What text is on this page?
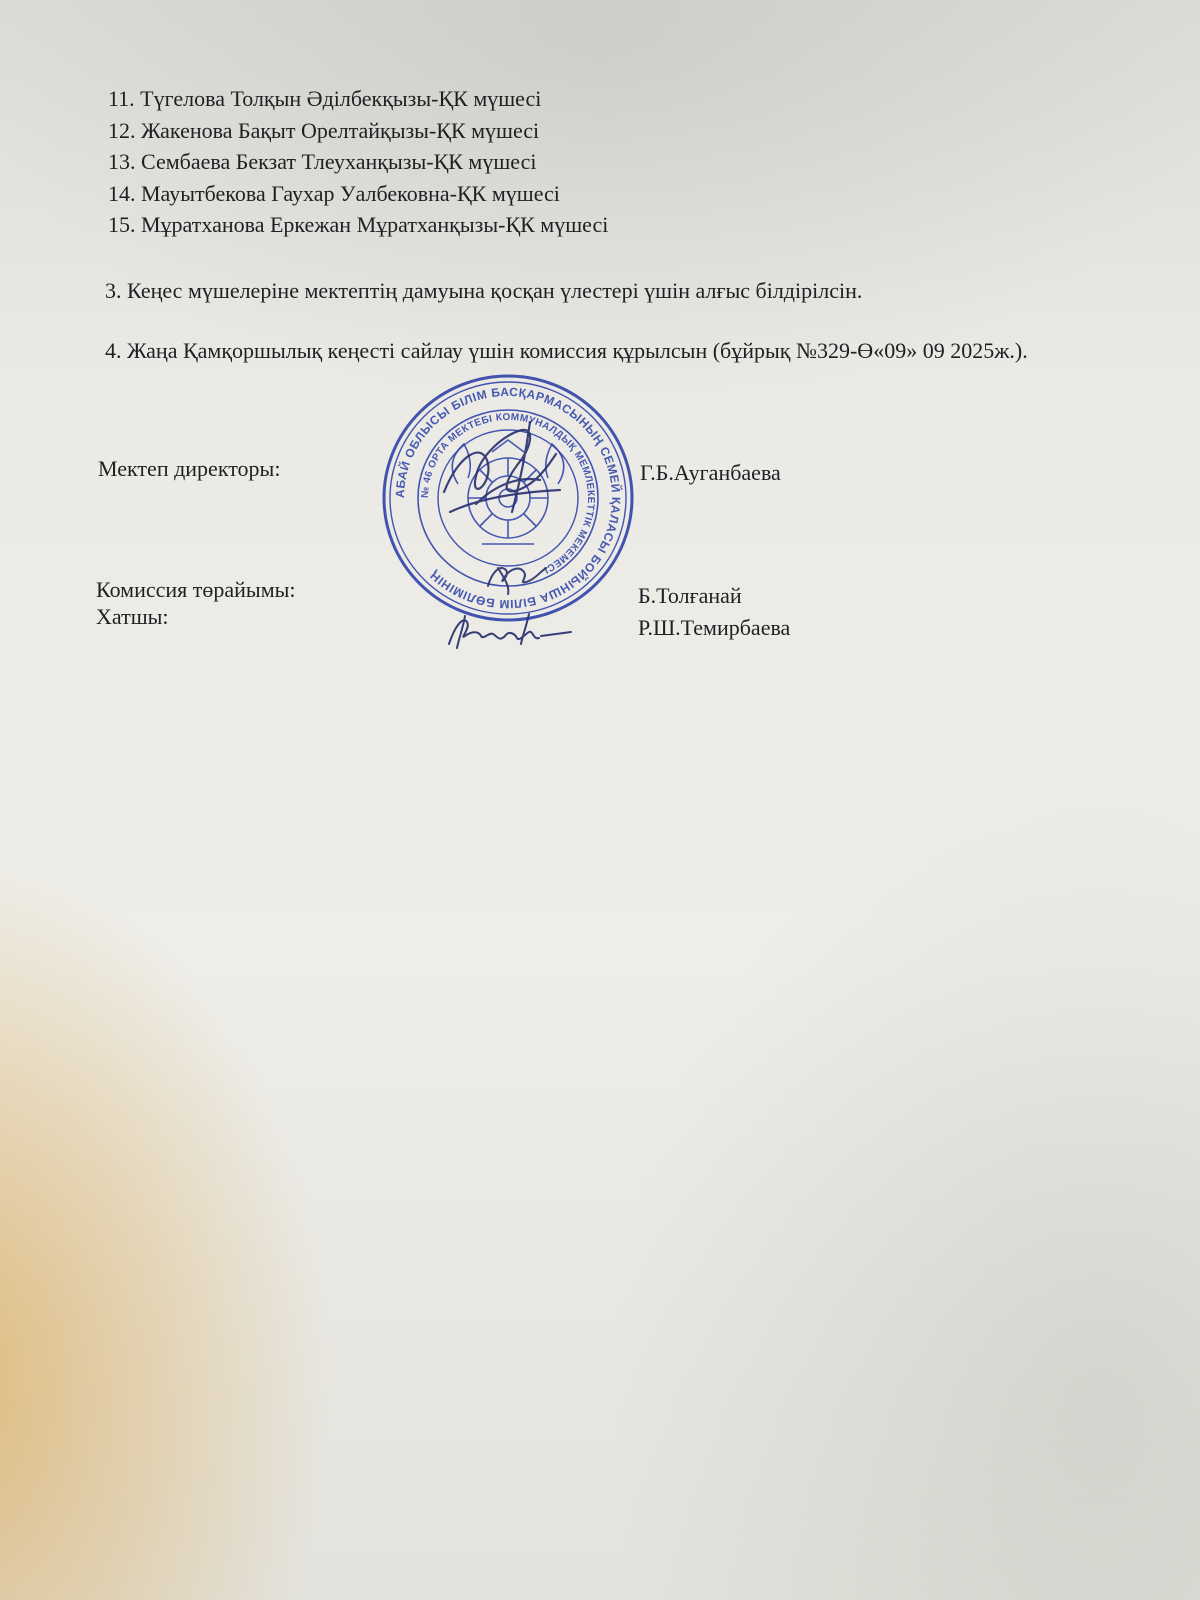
11. Түгелова Толқын Әділбекқызы-ҚК мүшесі
12. Жакенова Бақыт Орелтайқызы-ҚК мүшесі
13. Сембаева Бекзат Тлеуханқызы-ҚК мүшесі
14. Мауытбекова Гаухар Уалбековна-ҚК мүшесі
15. Мұратханова Еркежан Мұратханқызы-ҚК мүшесі
3. Кеңес мүшелеріне мектептің дамуына қосқан үлестері үшін алғыс білдірілсін.
4. Жаңа Қамқоршылық кеңесті сайлау үшін комиссия құрылсын (бұйрық №329-Ө«09» 09 2025ж.).
АБАЙ ОБЛЫСЫ БІЛІМ БАСҚАРМАСЫНЫҢ СЕМЕЙ ҚАЛАСЫ БОЙЫНША БІЛІМ БӨЛІМІНІҢ
№ 46 ОРТА МЕКТЕБІ КОММУНАЛДЫҚ МЕМЛЕКЕТТІК МЕКЕМЕСІ
Мектеп директоры:	Г.Б.Ауганбаева
Комиссия төрайымы:
Хатшы:
Б.Толғанай
Р.Ш.Темирбаева
